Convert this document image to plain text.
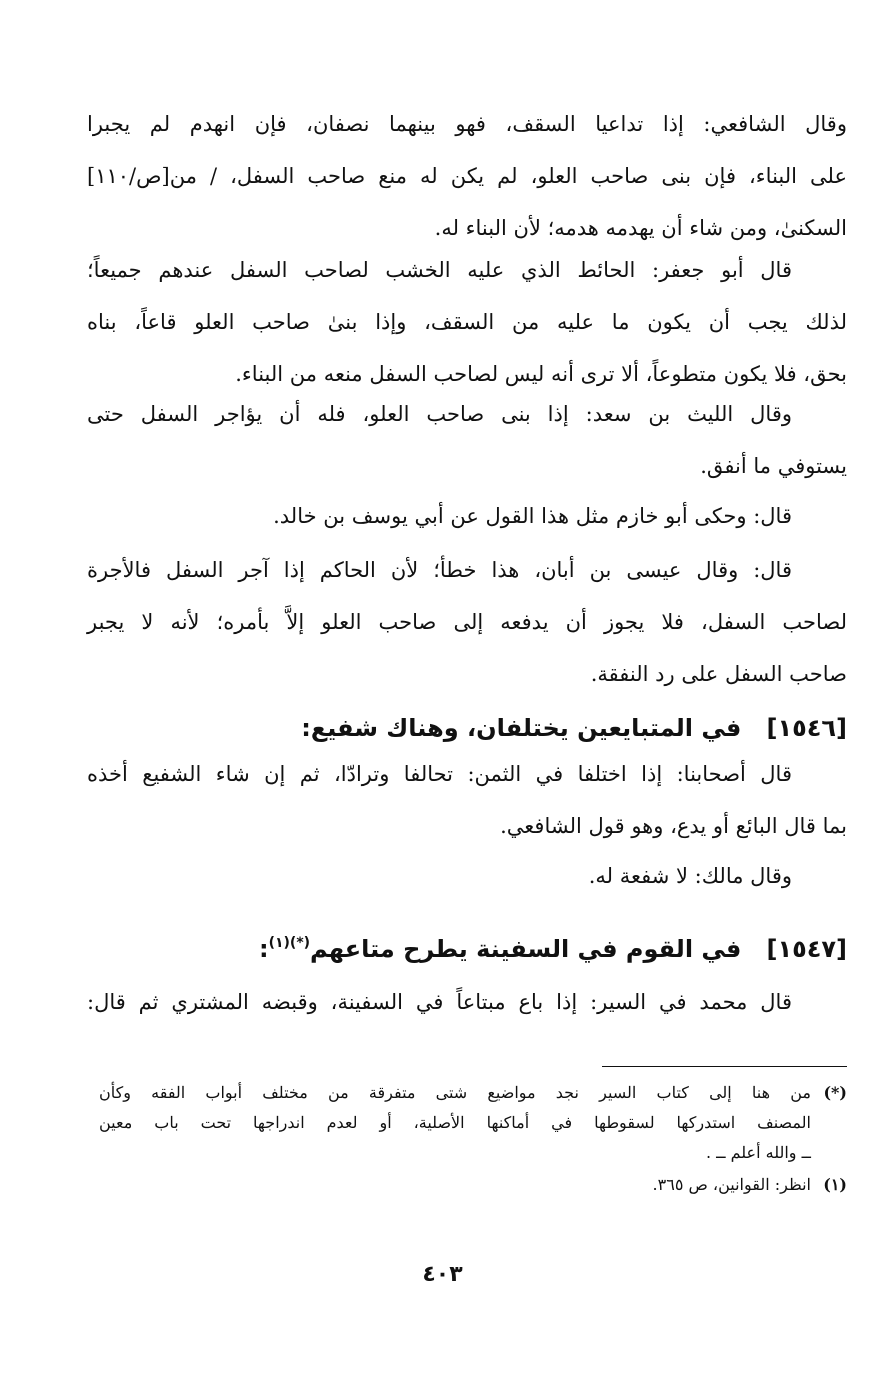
وقال الشافعي: إذا تداعيا السقف، فهو بينهما نصفان، فإن انهدم لم يجبرا
على البناء، فإن بنى صاحب العلو، لم يكن له منع صاحب السفل، / من[ص/١١٠]
السكنىٰ، ومن شاء أن يهدمه هدمه؛ لأن البناء له.
قال أبو جعفر: الحائط الذي عليه الخشب لصاحب السفل عندهم جميعاً؛
لذلك يجب أن يكون ما عليه من السقف، وإذا بنىٰ صاحب العلو قاعاً، بناه
بحق، فلا يكون متطوعاً، ألا ترى أنه ليس لصاحب السفل منعه من البناء.
وقال الليث بن سعد: إذا بنى صاحب العلو، فله أن يؤاجر السفل حتى
يستوفي ما أنفق.
قال: وحكى أبو خازم مثل هذا القول عن أبي يوسف بن خالد.
قال: وقال عيسى بن أبان، هذا خطأ؛ لأن الحاكم إذا آجر السفل فالأجرة
لصاحب السفل، فلا يجوز أن يدفعه إلى صاحب العلو إلاَّ بأمره؛ لأنه لا يجبر
صاحب السفل على رد النفقة.
[١٥٤٦]   في المتبايعين يختلفان، وهناك شفيع:
قال أصحابنا: إذا اختلفا في الثمن: تحالفا وترادّا، ثم إن شاء الشفيع أخذه
بما قال البائع أو يدع، وهو قول الشافعي.
وقال مالك: لا شفعة له.
[١٥٤٧]   في القوم في السفينة يطرح متاعهم$^{(*)(١)}$:
قال محمد في السير: إذا باع مبتاعاً في السفينة، وقبضه المشتري ثم قال:
(*)
من هنا إلى كتاب السير نجد مواضيع شتى متفرقة من مختلف أبواب الفقه وكأن
المصنف استدركها لسقوطها في أماكنها الأصلية، أو لعدم اندراجها تحت باب معين
ــ والله أعلم ــ .
(١)
انظر: القوانين، ص ٣٦٥.
٤٠٣
